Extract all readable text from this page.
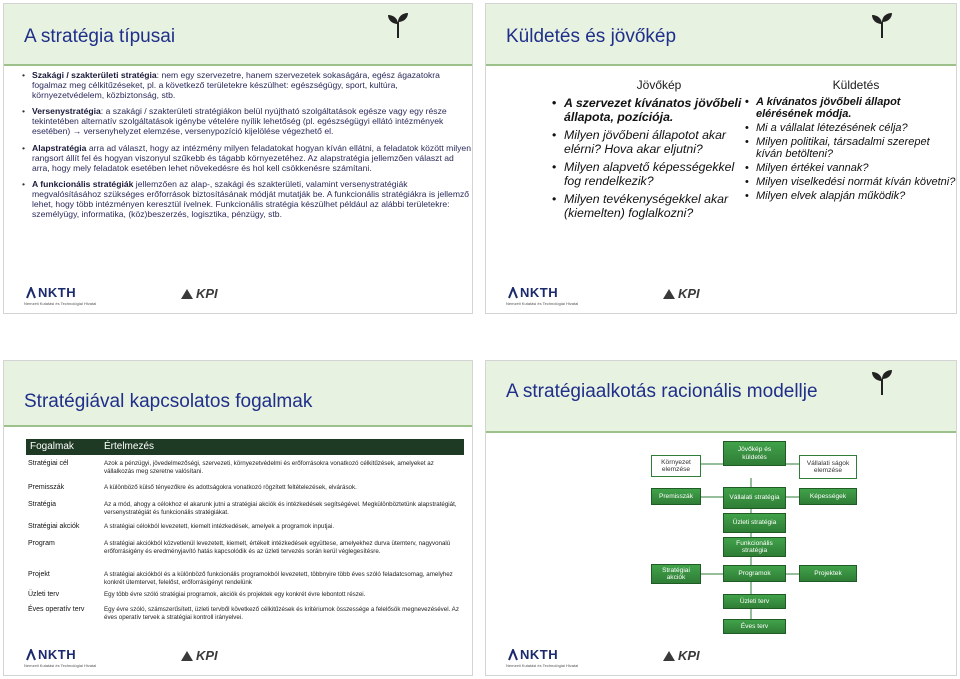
A stratégia típusai
• Szakági / szakterületi stratégia: nem egy szervezetre, hanem szervezetek sokaságára, egész ágazatokra fogalmaz meg célkitűzéseket, pl. a következő területekre készülhet: egészségügy, sport, kultúra, környezetvédelem, közbiztonság, stb.
• Versenystratégia: a szakági / szakterületi stratégiákon belül nyújtható szolgáltatások egésze vagy egy része tekintetében alternatív szolgáltatások igénybe vételére nyílik lehetőség (pl. egészségügyi ellátó intézmények esetében) → versenyhelyzet elemzése, versenypozíció kijelölése végezhető el.
• Alapstratégia arra ad választ, hogy az intézmény milyen feladatokat hogyan kíván ellátni, a feladatok között milyen rangsort állít fel és hogyan viszonyul szűkebb és tágabb környezetéhez. Az alapstratégia jellemzően választ ad arra, hogy mely feladatok esetében lehet növekedésre és hol kell csökkenésre számítani.
• A funkcionális stratégiák jellemzően az alap-, szakági és szakterületi, valamint versenystratégiák megvalósításához szükséges erőforrások biztosításának módját mutatják be. A funkcionális stratégiákra is jellemző lehet, hogy több intézményen keresztül ívelnek. Funkcionális stratégia készülhet például az alábbi területekre: személyügy, informatika, (köz)beszerzés, logisztika, pénzügy, stb.
NKTH
Nemzeti Kutatási és Technológiai Hivatal
KPI
Küldetés és jövőkép
Jövőkép
• A szervezet kívánatos jövőbeli állapota, pozíciója.
• Milyen jövőbeni állapotot akar elérni? Hova akar eljutni?
• Milyen alapvető képességekkel fog rendelkezik?
• Milyen tevékenységekkel akar (kiemelten) foglalkozni?
Küldetés
• A kívánatos jövőbeli állapot elérésének módja.
• Mi a vállalat létezésének célja?
• Milyen politikai, társadalmi szerepet kíván betölteni?
• Milyen értékei vannak?
• Milyen viselkedési normát kíván követni?
• Milyen elvek alapján működik?
NKTH
Nemzeti Kutatási és Technológiai Hivatal
KPI
Stratégiával kapcsolatos fogalmak
Fogalmak	Értelmezés
Stratégiai cél	Azok a pénzügyi, jövedelmezőségi, szervezeti, környezetvédelmi és erőforrásokra vonatkozó célkitűzések, amelyeket az vállalkozás meg szeretne valósítani.
Premisszák	A különböző külső tényezőkre és adottságokra vonatkozó rögzített feltételezések, elvárások.
Stratégia	Az a mód, ahogy a célokhoz el akarunk jutni a stratégiai akciók és intézkedések segítségével. Megkülönböztetünk alapstratégiát, versenystratégiát és funkcionális stratégiákat.
Stratégiai akciók	A stratégiai célokból levezetett, kiemelt intézkedések, amelyek a programok inputjai.
Program	A stratégiai akciókból közvetlenül levezetett, kiemelt, értékelt intézkedések együttese, amelyekhez durva ütemterv, nagyvonalú erőforrásigény és eredményjavító hatás kapcsolódik és az üzleti tervezés során kerül véglegesítésre.
Projekt	A stratégiai akciókból és a különböző funkcionális programokból levezetett, többnyire több éves szóló feladatcsomag, amelyhez konkrét ütemtervet, felelőst, erőforrásigényt rendelünk
Üzleti terv	Egy több évre szóló stratégiai programok, akciók és projektek egy konkrét évre lebontott részei.
Éves operatív terv	Egy évre szóló, számszerűsített, üzleti tervből következő célkitűzések és kritériumok összessége a felelősök megnevezésével. Az éves operatív tervek a stratégiai kontroll irányelvei.
NKTH
Nemzeti Kutatási és Technológiai Hivatal
KPI
A stratégiaalkotás racionális modellje
Környezet elemzése
Jövőkép és küldetés
Vállalati ságok elemzése
Premisszák	Vállalati stratégia	Képességek
Üzleti stratégia
Funkcionális stratégia
Stratégiai akciók
Programok	Projektek
Üzleti terv
Éves terv
NKTH
Nemzeti Kutatási és Technológiai Hivatal
KPI
